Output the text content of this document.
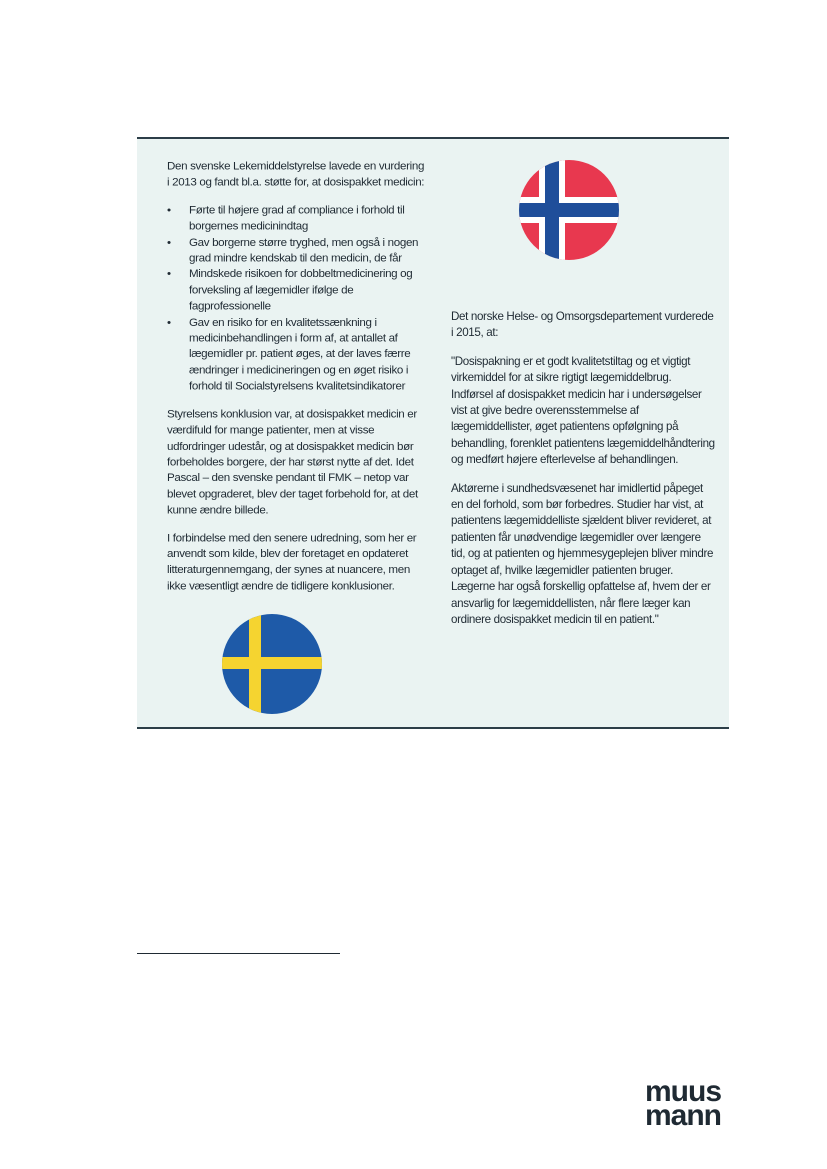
Den svenske Lekemiddelstyrelse lavede en vurdering i 2013 og fandt bl.a. støtte for, at dosispakket medicin:

• Førte til højere grad af compliance i forhold til borgernes medicinindtag
• Gav borgerne større tryghed, men også i nogen grad mindre kendskab til den medicin, de får
• Mindskede risikoen for dobbeltmedicinering og forveksling af lægemidler ifølge de fagprofessionelle
• Gav en risiko for en kvalitetssænkning i medicinbehandlingen i form af, at antallet af lægemidler pr. patient øges, at der laves færre ændringer i medicineringen og en øget risiko i forhold til Socialstyrelsens kvalitetsindikatorer

Styrelsens konklusion var, at dosispakket medicin er værdifuld for mange patienter, men at visse udfordringer udestår, og at dosispakket medicin bør forbeholdes borgere, der har størst nytte af det. Idet Pascal – den svenske pendant til FMK – netop var blevet opgraderet, blev der taget forbehold for, at det kunne ændre billede.

I forbindelse med den senere udredning, som her er anvendt som kilde, blev der foretaget en opdateret litteraturgennemgang, der synes at nuancere, men ikke væsentligt ændre de tidligere konklusioner.

Det norske Helse- og Omsorgsdepartement vurderede i 2015, at:

"Dosispakning er et godt kvalitetstiltag og et vigtigt virkemiddel for at sikre rigtigt lægemiddelbrug. Indførsel af dosispakket medicin har i undersøgelser vist at give bedre overensstemmelse af lægemiddellister, øget patientens opfølgning på behandling, forenklet patientens lægemiddelhåndtering og medført højere efterlevelse af behandlingen.

Aktørerne i sundhedsvæsenet har imidlertid påpeget en del forhold, som bør forbedres. Studier har vist, at patientens lægemiddelliste sjældent bliver revideret, at patienten får unødvendige lægemidler over længere tid, og at patienten og hjemmesygeplejen bliver mindre optaget af, hvilke lægemidler patienten bruger. Lægerne har også forskellig opfattelse af, hvem der er ansvarlig for lægemiddellisten, når flere læger kan ordinere dosispakket medicin til en patient."

muus
mann
